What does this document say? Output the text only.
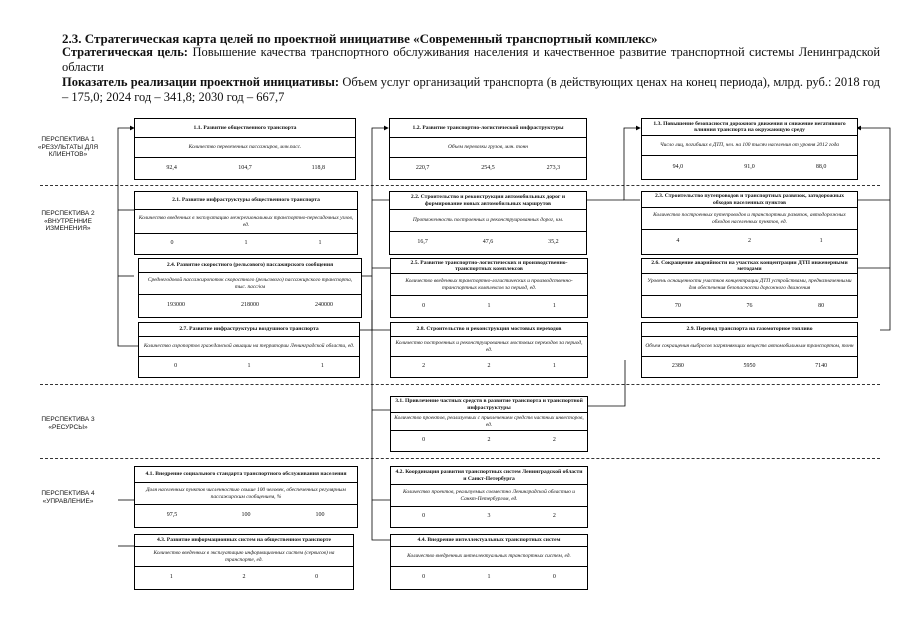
2.3. Стратегическая карта целей по проектной инициативе «Современный транспортный комплекс»
Стратегическая цель: Повышение качества транспортного обслуживания населения и качественное развитие транспортной системы Ленинградской области
Показатель реализации проектной инициативы: Объем услуг организаций транспорта (в действующих ценах на конец периода), млрд. руб.: 2018 год – 175,0; 2024 год – 341,8; 2030 год – 667,7
ПЕРСПЕКТИВА 1 «РЕЗУЛЬТАТЫ ДЛЯ КЛИЕНТОВ»
ПЕРСПЕКТИВА 2 «ВНУТРЕННИЕ ИЗМЕНЕНИЯ»
ПЕРСПЕКТИВА 3 «РЕСУРСЫ»
ПЕРСПЕКТИВА 4 «УПРАВЛЕНИЕ»
1.1. Развитие общественного транспорта
Количество перевезенных пассажиров, млн.пасс.
92,4	104,7	118,8
1.2. Развитие транспортно-логистической инфраструктуры
Объем перевозки грузов, млн. тонн
220,7	254,5	273,3
1.3. Повышение безопасности дорожного движения и снижение негативного влияния транспорта на окружающую среду
Число лиц, погибших в ДТП, чел. на 100 тысяч населения от уровня 2012 года
94,0	91,0	88,0
2.1. Развитие инфраструктуры общественного транспорта
Количество введенных в эксплуатацию межрегиональных транспортно-пересадочных узлов, ед.
0	1	1
2.2. Строительство и реконструкция автомобильных дорог и формирование новых автомобильных маршрутов
Протяженность построенных и реконструированных дорог, км.
16,7	47,6	35,2
2.3. Строительство путепроводов и транспортных развязок, затодорожных обходов населенных пунктов
Количество построенных путепроводов и транспортных развязок, автодорожных обходов населенных пунктов, ед.
4	2	1
2.4. Развитие скоростного (рельсового) пассажирского сообщения
Среднегодовой пассажиропоток скоростного (рельсового) пассажирского транспорта, тыс. пасс/км
193000	218000	240000
2.5. Развитие транспортно-логистических и производственно-транспортных комплексов
Количество введенных транспортно-логистических и производственно-транспортных комплексов за период, ед.
0	1	1
2.6. Сокращение аварийности на участках концентрации ДТП инженерными методами
Уровень оснащенности участков концентрации ДТП устройствами, предназначенными для обеспечения безопасности дорожного движения
70	76	80
2.7. Развитие инфраструктуры воздушного транспорта
Количество аэропортов гражданской авиации на территории Ленинградской области, ед.
0	1	1
2.8. Строительство и реконструкция мостовых переходов
Количество построенных и реконструированных мостовых переходов за период, ед.
2	2	1
2.9. Перевод транспорта на газомоторное топливо
Объем сокращения выбросов загрязняющих веществ автомобильным транспортом, тонн
2380	5950	7140
3.1. Привлечение частных средств в развитие транспорта и транспортной инфраструктуры
Количество проектов, реализуемых с привлечением средств частных инвесторов, ед.
0	2	2
4.1. Внедрение социального стандарта транспортного обслуживания населения
Доля населенных пунктов численностью свыше 100 человек, обеспеченных регулярным пассажирским сообщением, %
97,5	100	100
4.2. Координация развития транспортных систем Ленинградской области и Санкт-Петербурга
Количество проектов, реализуемых совместно Ленинградской областью и Санкт-Петербургом, ед.
0	3	2
4.3. Развитие информационных систем на общественном транспорте
Количество введенных в эксплуатацию информационных систем (сервисов) на транспорте, ед.
1	2	0
4.4. Внедрение интеллектуальных транспортных систем
Количество внедренных интеллектуальных транспортных систем, ед.
0	1	0
